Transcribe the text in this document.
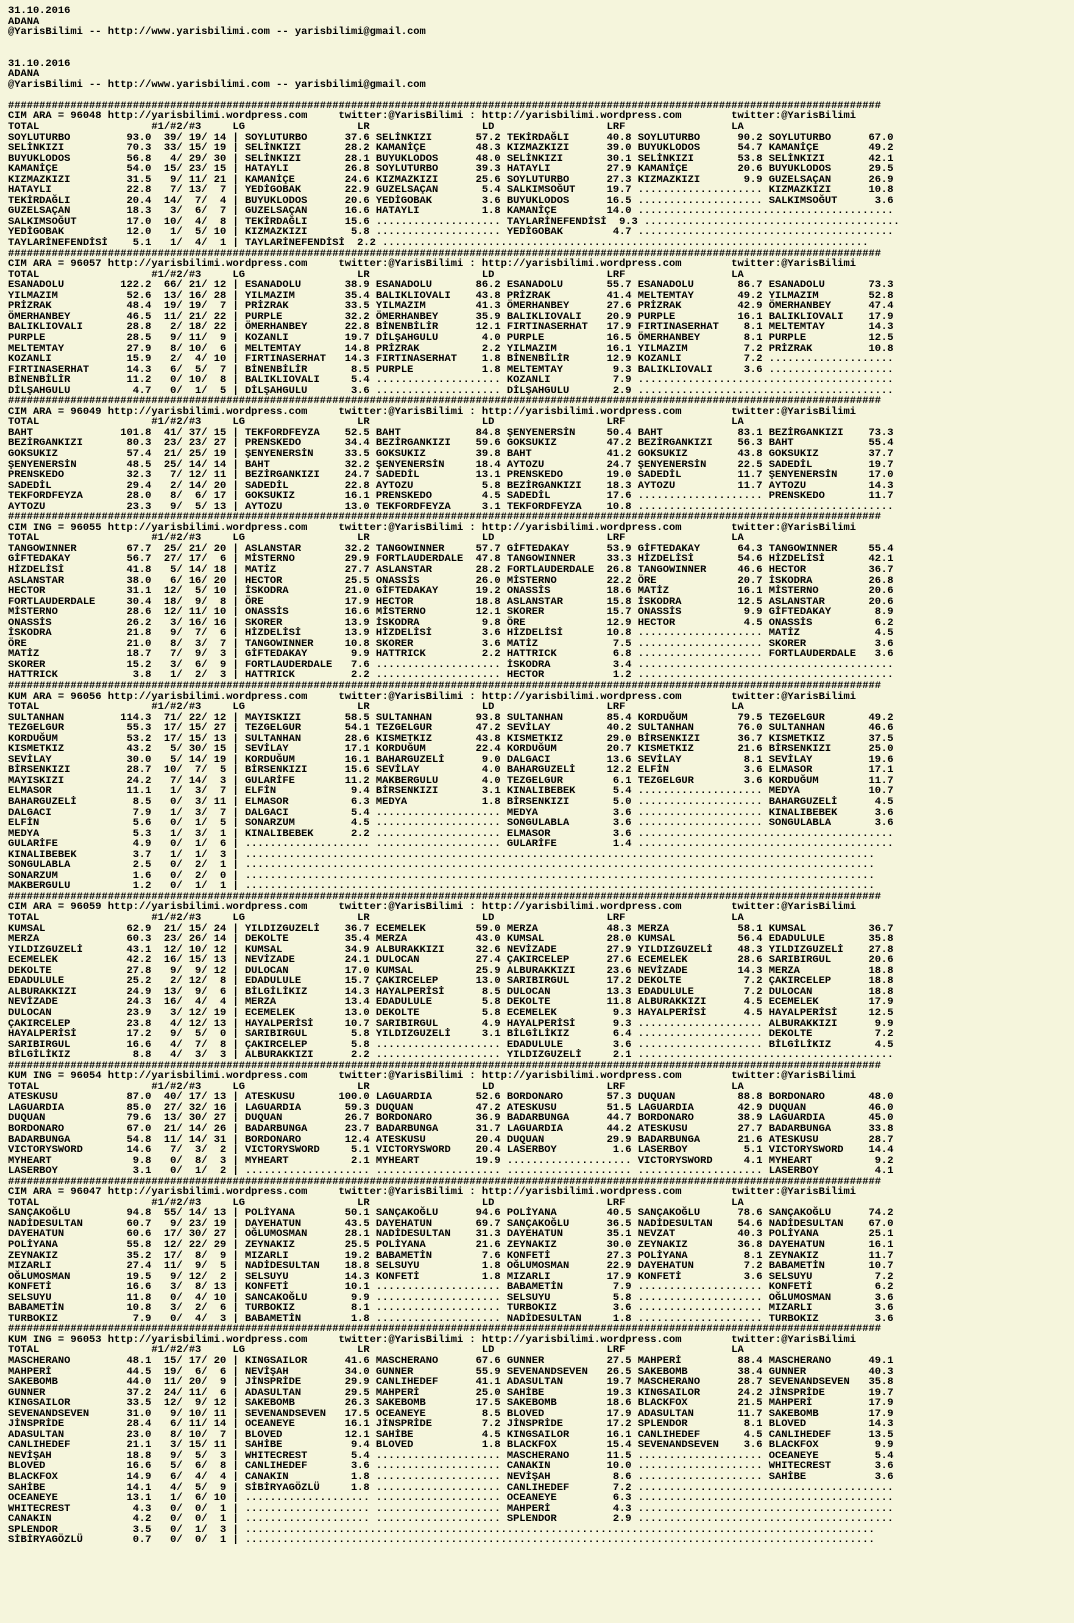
31.10.2016
ADANA
@YarisBilimi -- http://www.yarisbilimi.com -- yarisbilimi@gmail.com

31.10.2016
ADANA
@YarisBilimi -- http://www.yarisbilimi.com -- yarisbilimi@gmail.com

############################################################################################################################################
CIM ARA = 96048 http://yarisbilimi.wordpress.com     twitter:@YarisBilimi : http://yarisbilimi.wordpress.com        twitter:@YarisBilimi
TOTAL                  #1/#2/#3     LG                  LR                  LD                  LRF                 LA
SOYLUTURBO         93.0  39/ 19/ 14 | SOYLUTURBO      37.6 SELİNKIZI       57.2 TEKİRDAĞLI      40.8 SOYLUTURBO      90.2 SOYLUTURBO      67.0
SELİNKIZI          70.3  33/ 15/ 19 | SELİNKIZI       28.2 KAMANİÇE        48.3 KIZMAZKIZI      39.0 BUYUKLODOS      54.7 KAMANİÇE        49.2
BUYUKLODOS         56.8   4/ 29/ 30 | SELİNKIZI       28.1 BUYUKLODOS      48.0 SELİNKIZI       30.1 SELİNKIZI       53.8 SELİNKIZI       42.1
KAMANİÇE           54.0  15/ 23/ 15 | HATAYLI         26.8 SOYLUTURBO      39.3 HATAYLI         27.9 KAMANİÇE        20.6 BUYUKLODOS      29.5
KIZMAZKIZI         31.5   9/ 11/ 21 | KAMANİÇE        24.6 KIZMAZKIZI      25.6 SOYLUTURBO      27.3 KIZMAZKIZI       9.9 GUZELSAÇAN      26.9
HATAYLI            22.8   7/ 13/  7 | YEDİGOBAK       22.9 GUZELSAÇAN       5.4 SALKIMSOĞUT     19.7 .................... KIZMAZKIZI      10.8
TEKİRDAĞLI         20.4  14/  7/  4 | BUYUKLODOS      20.6 YEDİGOBAK        3.6 BUYUKLODOS      16.5 .................... SALKIMSOĞUT      3.6
GUZELSAÇAN         18.3   3/  6/  7 | GUZELSAÇAN      16.6 HATAYLI          1.8 KAMANİÇE        14.0 .........................................
SALKIMSOĞUT        17.0  10/  4/  8 | TEKİRDAĞLI      15.6 .................... TAYLARİNEFENDİSİ  9.3 .........................................
YEDİGOBAK          12.0   1/  5/ 10 | KIZMAZKIZI       5.8 .................... YEDİGOBAK        4.7 .........................................
TAYLARİNEFENDİSİ    5.1   1/  4/  1 | TAYLARİNEFENDİSİ  2.2 ..............................................................................
############################################################################################################################################
CIM ARA = 96057 http://yarisbilimi.wordpress.com     twitter:@YarisBilimi : http://yarisbilimi.wordpress.com        twitter:@YarisBilimi
TOTAL                  #1/#2/#3     LG                  LR                  LD                  LRF                 LA
ESANADOLU         122.2  66/ 21/ 12 | ESANADOLU       38.9 ESANADOLU       86.2 ESANADOLU       55.7 ESANADOLU       86.7 ESANADOLU       73.3
YILMAZIM           52.6  13/ 16/ 28 | YILMAZIM        35.4 BALIKLIOVALI    43.8 PRİZRAK         41.4 MELTEMTAY       49.2 YILMAZIM        52.8
PRİZRAK            48.4  19/ 19/  7 | PRİZRAK         33.5 YILMAZIM        41.3 ÖMERHANBEY      27.6 PRİZRAK         42.9 ÖMERHANBEY      47.4
ÖMERHANBEY         46.5  11/ 21/ 22 | PURPLE          32.2 ÖMERHANBEY      35.9 BALIKLIOVALI    20.9 PURPLE          16.1 BALIKLIOVALI    17.9
BALIKLIOVALI       28.8   2/ 18/ 22 | ÖMERHANBEY      22.8 BİNENBİLİR      12.1 FIRTINASERHAT   17.9 FIRTINASERHAT    8.1 MELTEMTAY       14.3
PURPLE             28.5   9/ 11/  9 | KOZANLI         19.7 DİLŞAHGULU       4.0 PURPLE          16.5 ÖMERHANBEY       8.1 PURPLE          12.5
MELTEMTAY          27.9   8/ 10/  6 | MELTEMTAY       14.8 PRİZRAK          2.2 YILMAZIM        16.1 YILMAZIM         7.2 PRİZRAK         10.8
KOZANLI            15.9   2/  4/ 10 | FIRTINASERHAT   14.3 FIRTINASERHAT    1.8 BİNENBİLİR      12.9 KOZANLI          7.2 ....................
FIRTINASERHAT      14.3   6/  5/  7 | BİNENBİLİR       8.5 PURPLE           1.8 MELTEMTAY        9.3 BALIKLIOVALI     3.6 ....................
BİNENBİLİR         11.2   0/ 10/  8 | BALIKLIOVALI     5.4 .................... KOZANLI          7.9 .........................................
DİLŞAHGULU          4.7   0/  1/  5 | DİLŞAHGULU       3.6 .................... DİLŞAHGULU       2.9 .........................................
############################################################################################################################################
CIM ARA = 96049 http://yarisbilimi.wordpress.com     twitter:@YarisBilimi : http://yarisbilimi.wordpress.com        twitter:@YarisBilimi
TOTAL                  #1/#2/#3     LG                  LR                  LD                  LRF                 LA
BAHT              101.8  41/ 37/ 15 | TEKFORDFEYZA    52.5 BAHT            84.8 ŞENYENERSİN     50.4 BAHT            83.1 BEZİRGANKIZI    73.3
BEZİRGANKIZI       80.3  23/ 23/ 27 | PRENSKEDO       34.4 BEZİRGANKIZI    59.6 GOKSUKIZ        47.2 BEZİRGANKIZI    56.3 BAHT            55.4
GOKSUKIZ           57.4  21/ 25/ 19 | ŞENYENERSİN     33.5 GOKSUKIZ        39.8 BAHT            41.2 GOKSUKIZ        43.8 GOKSUKIZ        37.7
ŞENYENERSİN        48.5  25/ 14/ 14 | BAHT            32.2 ŞENYENERSİN     18.4 AYTOZU          24.7 ŞENYENERSİN     22.5 SADEDİL         19.7
PRENSKEDO          32.3   7/ 12/ 11 | BEZİRGANKIZI    24.7 SADEDİL         13.1 PRENSKEDO       19.0 SADEDİL         11.7 ŞENYENERSİN     17.0
SADEDİL            29.4   2/ 14/ 20 | SADEDİL         22.8 AYTOZU           5.8 BEZİRGANKIZI    18.3 AYTOZU          11.7 AYTOZU          14.3
TEKFORDFEYZA       28.0   8/  6/ 17 | GOKSUKIZ        16.1 PRENSKEDO        4.5 SADEDİL         17.6 .................... PRENSKEDO       11.7
AYTOZU             23.3   9/  5/ 13 | AYTOZU          13.0 TEKFORDFEYZA     3.1 TEKFORDFEYZA    10.8 .........................................
############################################################################################################################################
CIM ING = 96055 http://yarisbilimi.wordpress.com     twitter:@YarisBilimi : http://yarisbilimi.wordpress.com        twitter:@YarisBilimi
TOTAL                  #1/#2/#3     LG                  LR                  LD                  LRF                 LA
TANGOWINNER        67.7  25/ 21/ 20 | ASLANSTAR       32.2 TANGOWINNER     57.7 GİFTEDAKAY      53.9 GİFTEDAKAY      64.3 TANGOWINNER     55.4
GİFTEDAKAY         56.7  27/ 17/  6 | MİSTERNO        29.9 FORTLAUDERDALE  47.8 TANGOWINNER     33.3 HİZDELİSİ       54.6 HİZDELİSİ       42.1
HİZDELİSİ          41.8   5/ 14/ 18 | MATİZ           27.7 ASLANSTAR       28.2 FORTLAUDERDALE  26.8 TANGOWINNER     46.6 HECTOR          36.7
ASLANSTAR          38.0   6/ 16/ 20 | HECTOR          25.5 ONASSİS         26.0 MİSTERNO        22.2 ÖRE             20.7 İSKODRA         26.8
HECTOR             31.1  12/  5/ 10 | İSKODRA         21.0 GİFTEDAKAY      19.2 ONASSİS         18.6 MATİZ           16.1 MİSTERNO        20.6
FORTLAUDERDALE     30.4  18/  9/  8 | ÖRE             17.9 HECTOR          18.8 ASLANSTAR       15.8 İSKODRA         12.5 ASLANSTAR       20.6
MİSTERNO           28.6  12/ 11/ 10 | ONASSİS         16.6 MİSTERNO        12.1 SKORER          15.7 ONASSİS          9.9 GİFTEDAKAY       8.9
ONASSİS            26.2   3/ 16/ 16 | SKORER          13.9 İSKODRA          9.8 ÖRE             12.9 HECTOR           4.5 ONASSİS          6.2
İSKODRA            21.8   9/  7/  6 | HİZDELİSİ       13.9 HİZDELİSİ        3.6 HİZDELİSİ       10.8 .................... MATİZ            4.5
ÖRE                21.0   8/  3/  7 | TANGOWINNER     10.8 SKORER           3.6 MATİZ            7.5 .................... SKORER           3.6
MATİZ              18.7   7/  9/  3 | GİFTEDAKAY       9.9 HATTRICK         2.2 HATTRICK         6.8 .................... FORTLAUDERDALE   3.6
SKORER             15.2   3/  6/  9 | FORTLAUDERDALE   7.6 .................... İSKODRA          3.4 .........................................
HATTRICK            3.8   1/  2/  3 | HATTRICK         2.2 .................... HECTOR           1.2 .........................................
############################################################################################################################################
KUM ARA = 96056 http://yarisbilimi.wordpress.com     twitter:@YarisBilimi : http://yarisbilimi.wordpress.com        twitter:@YarisBilimi
TOTAL                  #1/#2/#3     LG                  LR                  LD                  LRF                 LA
SULTANHAN         114.3  71/ 22/ 12 | MAYISKIZI       58.5 SULTANHAN       93.8 SULTANHAN       85.4 KORDUĞUM        79.5 TEZGELGUR       49.2
TEZGELGUR          55.3  17/ 15/ 27 | TEZGELGUR       54.1 TEZGELGUR       47.2 SEVİLAY         40.2 SULTANHAN       76.0 SULTANHAN       46.6
KORDUĞUM           53.2  17/ 15/ 13 | SULTANHAN       28.6 KISMETKIZ       43.8 KISMETKIZ       29.0 BİRSENKIZI      36.7 KISMETKIZ       37.5
KISMETKIZ          43.2   5/ 30/ 15 | SEVİLAY         17.1 KORDUĞUM        22.4 KORDUĞUM        20.7 KISMETKIZ       21.6 BİRSENKIZI      25.0
SEVİLAY            30.0   5/ 14/ 19 | KORDUĞUM        16.1 BAHARGUZELİ      9.0 DALGACI         13.6 SEVİLAY          8.1 SEVİLAY         19.6
BİRSENKIZI         28.7  10/  7/  5 | BİRSENKIZI      15.6 SEVİLAY          4.0 BAHARGUZELİ     12.2 ELFİN            3.6 ELMASOR         17.1
MAYISKIZI          24.2   7/ 14/  3 | GULARİFE        11.2 MAKBERGULU       4.0 TEZGELGUR        6.1 TEZGELGUR        3.6 KORDUĞUM        11.7
ELMASOR            11.1   1/  3/  7 | ELFİN            9.4 BİRSENKIZI       3.1 KINALIBEBEK      5.4 .................... MEDYA           10.7
BAHARGUZELİ         8.5   0/  3/ 11 | ELMASOR          6.3 MEDYA            1.8 BİRSENKIZI       5.0 .................... BAHARGUZELİ      4.5
DALGACI             7.9   1/  3/  7 | DALGACI          5.4 .................... MEDYA            3.6 .................... KINALIBEBEK      3.6
ELFİN               5.6   0/  1/  5 | SONARZUM         4.5 .................... SONGULABLA       3.6 .................... SONGULABLA       3.6
MEDYA               5.3   1/  3/  1 | KINALIBEBEK      2.2 .................... ELMASOR          3.6 .........................................
GULARİFE            4.9   0/  1/  6 | .................... .................... GULARİFE         1.4 .........................................
KINALIBEBEK         3.7   1/  1/  3 | .....................................................................................................
SONGULABLA          2.5   0/  2/  1 | .....................................................................................................
SONARZUM            1.6   0/  2/  0 | .....................................................................................................
MAKBERGULU          1.2   0/  1/  1 | .....................................................................................................
############################################################################################################################################
CIM ARA = 96059 http://yarisbilimi.wordpress.com     twitter:@YarisBilimi : http://yarisbilimi.wordpress.com        twitter:@YarisBilimi
TOTAL                  #1/#2/#3     LG                  LR                  LD                  LRF                 LA
KUMSAL             62.9  21/ 15/ 24 | YILDIZGUZELİ    36.7 ECEMELEK        59.0 MERZA           48.3 MERZA           58.1 KUMSAL          36.7
MERZA              60.3  23/ 26/ 14 | DEKOLTE         35.4 MERZA           43.0 KUMSAL          28.0 KUMSAL          56.4 EDADULULE       35.8
YILDIZGUZELİ       43.1  12/ 10/ 12 | KUMSAL          34.9 ALBURAKKIZI     32.6 NEVİZADE        27.9 YILDIZGUZELİ    48.3 YILDIZGUZELİ    27.8
ECEMELEK           42.2  16/ 15/ 13 | NEVİZADE        24.1 DULOCAN         27.4 ÇAKIRCELEP      27.6 ECEMELEK        28.6 SARIBIRGUL      20.6
DEKOLTE            27.8   9/  9/ 12 | DULOCAN         17.0 KUMSAL          25.9 ALBURAKKIZI     23.6 NEVİZADE        14.3 MERZA           18.8
EDADULULE          25.2   2/ 12/  8 | EDADULULE       15.7 ÇAKIRCELEP      13.0 SARIBIRGUL      17.2 DEKOLTE          7.2 ÇAKIRCELEP      18.8
ALBURAKKIZI        24.9  13/  9/  6 | BİLGİLİKIZ      14.3 HAYALPERİSİ      8.5 DULOCAN         13.3 EDADULULE        7.2 DULOCAN         18.8
NEVİZADE           24.3  16/  4/  4 | MERZA           13.4 EDADULULE        5.8 DEKOLTE         11.8 ALBURAKKIZI      4.5 ECEMELEK        17.9
DULOCAN            23.9   3/ 12/ 19 | ECEMELEK        13.0 DEKOLTE          5.8 ECEMELEK         9.3 HAYALPERİSİ      4.5 HAYALPERİSİ     12.5
ÇAKIRCELEP         23.8   4/ 12/ 13 | HAYALPERİSİ     10.7 SARIBIRGUL       4.9 HAYALPERİSİ      9.3 .................... ALBURAKKIZI      9.9
HAYALPERİSİ        17.2   9/  5/  0 | SARIBIRGUL       5.8 YILDIZGUZELİ     3.1 BİLGİLİKIZ       6.4 .................... DEKOLTE          7.2
SARIBIRGUL         16.6   4/  7/  8 | ÇAKIRCELEP       5.8 .................... EDADULULE        3.6 .................... BİLGİLİKIZ       4.5
BİLGİLİKIZ          8.8   4/  3/  3 | ALBURAKKIZI      2.2 .................... YILDIZGUZELİ     2.1 .........................................
############################################################################################################################################
KUM ING = 96054 http://yarisbilimi.wordpress.com     twitter:@YarisBilimi : http://yarisbilimi.wordpress.com        twitter:@YarisBilimi
TOTAL                  #1/#2/#3     LG                  LR                  LD                  LRF                 LA
ATESKUSU           87.0  40/ 17/ 13 | ATESKUSU       100.0 LAGUARDIA       52.6 BORDONARO       57.3 DUQUAN          88.8 BORDONARO       48.0
LAGUARDIA          85.0  27/ 32/ 16 | LAGUARDIA       59.3 DUQUAN          47.2 ATESKUSU        51.5 LAGUARDIA       42.9 DUQUAN          46.0
DUQUAN             79.6  13/ 30/ 27 | DUQUAN          26.7 BORDONARO       36.9 BADARBUNGA      44.7 BORDONARO       38.9 LAGUARDIA       45.0
BORDONARO          67.0  21/ 14/ 26 | BADARBUNGA      23.7 BADARBUNGA      31.7 LAGUARDIA       44.2 ATESKUSU        27.7 BADARBUNGA      33.8
BADARBUNGA         54.8  11/ 14/ 31 | BORDONARO       12.4 ATESKUSU        20.4 DUQUAN          29.9 BADARBUNGA      21.6 ATESKUSU        28.7
VICTORYSWORD       14.6   7/  3/  2 | VICTORYSWORD     5.1 VICTORYSWORD    20.4 LASERBOY         1.6 LASERBOY         5.1 VICTORYSWORD    14.4
MYHEART             9.8   0/  8/  3 | MYHEART          2.1 MYHEART         19.9 .................... VICTORYSWORD     4.1 MYHEART          9.2
LASERBOY            3.1   0/  1/  2 | .................... .................... .................... .................... LASERBOY         4.1
############################################################################################################################################
CIM ARA = 96047 http://yarisbilimi.wordpress.com     twitter:@YarisBilimi : http://yarisbilimi.wordpress.com        twitter:@YarisBilimi
TOTAL                  #1/#2/#3     LG                  LR                  LD                  LRF                 LA
SANÇAKOĞLU         94.8  55/ 14/ 13 | POLİYANA        50.1 SANÇAKOĞLU      94.6 POLİYANA        40.5 SANÇAKOĞLU      78.6 SANÇAKOĞLU      74.2
NADİDESULTAN       60.7   9/ 23/ 19 | DAYEHATUN       43.5 DAYEHATUN       69.7 SANÇAKOĞLU      36.5 NADİDESULTAN    54.6 NADİDESULTAN    67.0
DAYEHATUN          60.6  17/ 30/ 27 | OĞLUMOSMAN      28.1 NADİDESULTAN    31.3 DAYEHATUN       35.1 NEVZAT          40.3 POLİYANA        25.1
POLİYANA           55.8  12/ 22/ 29 | ZEYNAKIZ        25.5 POLİYANA        21.6 ZEYNAKIZ        30.0 ZEYNAKIZ        36.8 DAYEHATUN       16.1
ZEYNAKIZ           35.2  17/  8/  9 | MIZARLI         19.2 BABAMETİN        7.6 KONFETİ         27.3 POLİYANA         8.1 ZEYNAKIZ        11.7
MIZARLI            27.4  11/  9/  5 | NADİDESULTAN    18.8 SELSUYU          1.8 OĞLUMOSMAN      22.9 DAYEHATUN        7.2 BABAMETİN       10.7
OĞLUMOSMAN         19.5   9/ 12/  2 | SELSUYU         14.3 KONFETİ          1.8 MIZARLI         17.9 KONFETİ          3.6 SELSUYU          7.2
KONFETİ            16.6   3/  8/ 13 | KONFETİ         10.1 .................... BABAMETİN        7.9 .................... KONFETİ          6.2
SELSUYU            11.8   0/  4/ 10 | SANCAKOĞLU       9.9 .................... SELSUYU          5.8 .................... OĞLUMOSMAN       3.6
BABAMETİN          10.8   3/  2/  6 | TURBOKIZ         8.1 .................... TURBOKIZ         3.6 .................... MIZARLI          3.6
TURBOKIZ            7.9   0/  4/  3 | BABAMETİN        1.8 .................... NADİDESULTAN     1.8 .................... TURBOKIZ         3.6
############################################################################################################################################
KUM ING = 96053 http://yarisbilimi.wordpress.com     twitter:@YarisBilimi : http://yarisbilimi.wordpress.com        twitter:@YarisBilimi
TOTAL                  #1/#2/#3     LG                  LR                  LD                  LRF                 LA
MASCHERANO         48.1  15/ 17/ 20 | KINGSAILOR      41.6 MASCHERANO      67.6 GUNNER          27.5 MAHPERİ         88.4 MASCHERANO      49.1
MAHPERİ            44.5  19/  6/  6 | NEVİŞAH         34.0 GUNNER          55.9 SEVENANDSEVEN   26.5 SAKEBOMB        38.4 GUNNER          40.3
SAKEBOMB           44.0  11/ 20/  9 | JİNSPRİDE       29.9 CANLIHEDEF      41.1 ADASULTAN       19.7 MASCHERANO      28.7 SEVENANDSEVEN   35.8
GUNNER             37.2  24/ 11/  6 | ADASULTAN       29.5 MAHPERİ         25.0 SAHİBE          19.3 KINGSAILOR      24.2 JİNSPRİDE       19.7
KINGSAILOR         33.5  12/  9/ 12 | SAKEBOMB        26.3 SAKEBOMB        17.5 SAKEBOMB        18.6 BLACKFOX        21.5 MAHPERİ         17.9
SEVENANDSEVEN      31.0   9/ 10/ 11 | SEVENANDSEVEN   17.5 OCEANEYE         8.5 BLOVED          17.9 ADASULTAN       11.7 SAKEBOMB        17.9
JİNSPRİDE          28.4   6/ 11/ 14 | OCEANEYE        16.1 JİNSPRİDE        7.2 JİNSPRİDE       17.2 SPLENDOR         8.1 BLOVED          14.3
ADASULTAN          23.0   8/ 10/  7 | BLOVED          12.1 SAHİBE           4.5 KINGSAILOR      16.1 CANLIHEDEF       4.5 CANLIHEDEF      13.5
CANLIHEDEF         21.1   3/ 15/ 11 | SAHİBE           9.4 BLOVED           1.8 BLACKFOX        15.4 SEVENANDSEVEN    3.6 BLACKFOX         9.9
NEVİŞAH            18.8   9/  5/  3 | WHITECREST       5.4 .................... MASCHERANO      11.5 .................... OCEANEYE         5.4
BLOVED             16.6   5/  6/  8 | CANLIHEDEF       3.6 .................... CANAKIN         10.0 .................... WHITECREST       3.6
BLACKFOX           14.9   6/  4/  4 | CANAKIN          1.8 .................... NEVİŞAH          8.6 .................... SAHİBE           3.6
SAHİBE             14.1   4/  5/  9 | SİBİRYAGÖZLÜ     1.8 .................... CANLIHEDEF       7.2 .........................................
OCEANEYE           13.1   1/  6/ 10 | .................... .................... OCEANEYE         6.3 .........................................
WHITECREST          4.3   0/  0/  1 | .................... .................... MAHPERİ          4.3 .........................................
CANAKIN             4.2   0/  0/  1 | .................... .................... SPLENDOR         2.9 .........................................
SPLENDOR            3.5   0/  1/  3 | .....................................................................................................
SİBİRYAGÖZLÜ        0.7   0/  0/  1 | .....................................................................................................
